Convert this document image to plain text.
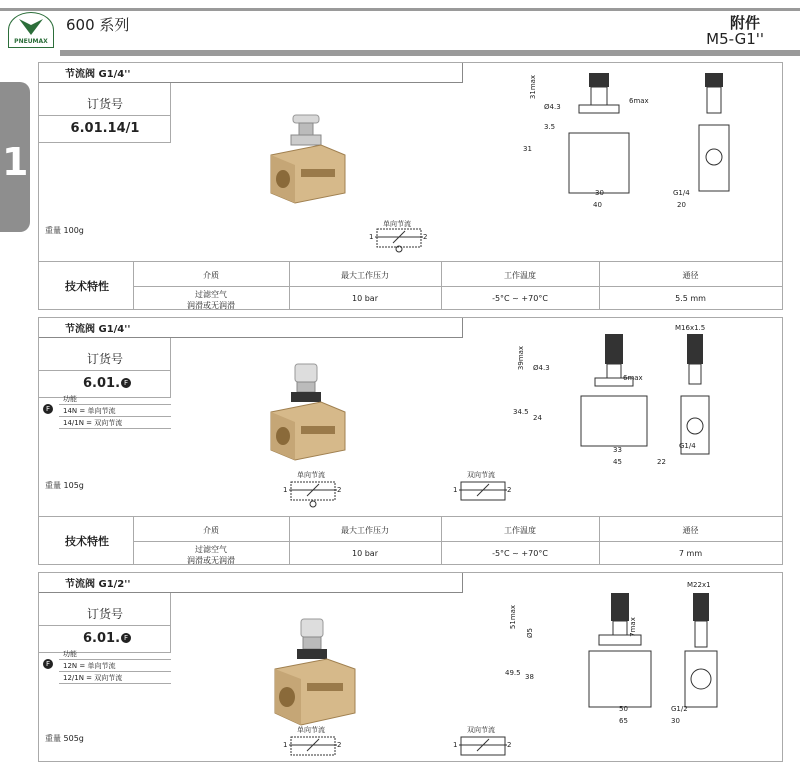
PNEUMAX
600 系列	附件
M5-G1''
1
节流阀 G1/4''
订货号
6.01.14/1
重量 100g
单向节流
1	2
31max
Ø4.3
3.5
31
30
40
6max
G1/4
20
技术特性
介质	最大工作压力	工作温度	通径
过滤空气
润滑或无润滑
10 bar	-5°C ~ +70°C	5.5 mm
节流阀 G1/4''
订货号
6.01. F
F
功能
14N = 单向节流
14/1N = 双向节流
重量 105g
单向节流
1	2
双向节流
1	2
39max Ø4.3
34.5
24
33
45
6max
G1/4
22
M16x1.5
技术特性
介质	最大工作压力	工作温度	通径
过滤空气
润滑或无润滑
10 bar	-5°C ~ +70°C	7 mm
节流阀 G1/2''
订货号
6.01. F
F
功能
12N = 单向节流
12/1N = 双向节流
重量 505g
单向节流
1	2
双向节流
1	2
51max
Ø5
49.5 38
50
65
7max
G1/2
30
M22x1
